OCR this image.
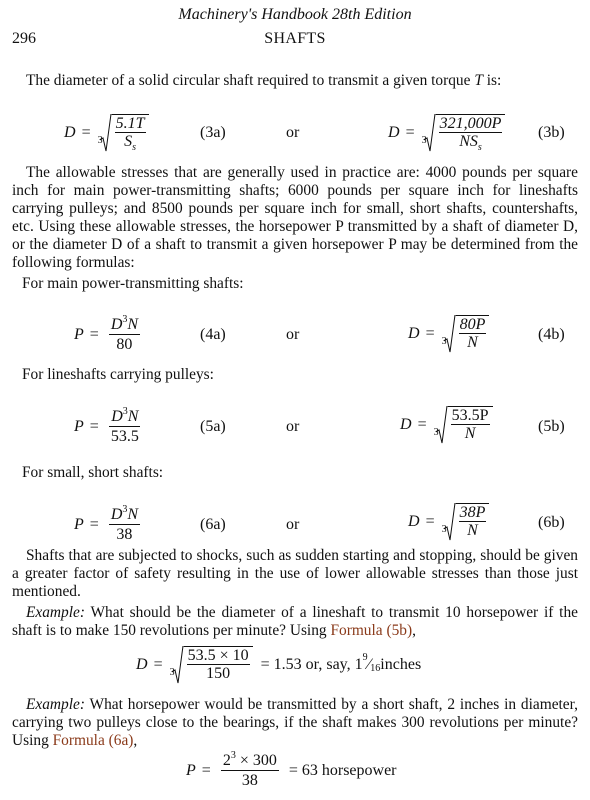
Machinery's Handbook 28th Edition
296	SHAFTS
The diameter of a solid circular shaft required to transmit a given torque T is:
D = 3
5.1T
$S_s$
(3a)	or	D = 3
321,000P
$NS_s$
(3b)
The allowable stresses that are generally used in practice are: 4000 pounds per square inch for main power-transmitting shafts; 6000 pounds per square inch for lineshafts carrying pulleys; and 8500 pounds per square inch for small, short shafts, countershafts, etc. Using these allowable stresses, the horsepower P transmitted by a shaft of diameter D, or the diameter D of a shaft to transmit a given horsepower P may be determined from the following formulas:
For main power-transmitting shafts:
$P = \frac{D^3N}{80}$	(4a)	or	D = 3
80P
N	(4b)
For lineshafts carrying pulleys:
$P = \frac{D^3N}{53.5}$	(5a)	or	D = 3
53.5P
N	(5b)
For small, short shafts:
$P = \frac{D^3N}{38}$	(6a)	or	D = 3
38P
N	(6b)
Shafts that are subjected to shocks, such as sudden starting and stopping, should be given a greater factor of safety resulting in the use of lower allowable stresses than those just mentioned.
Example: What should be the diameter of a lineshaft to transmit 10 horsepower if the shaft is to make 150 revolutions per minute? Using Formula (5b),
D = 3
53.5 × 10
150
= 1.53 or, say, $1^9$ $⁄_{16}$ inches
Example: What horsepower would be transmitted by a short shaft, 2 inches in diameter, carrying two pulleys close to the bearings, if the shaft makes 300 revolutions per minute? Using Formula (6a),
$P = \frac{2^3 \times 300}{38} = 63$ horsepower
